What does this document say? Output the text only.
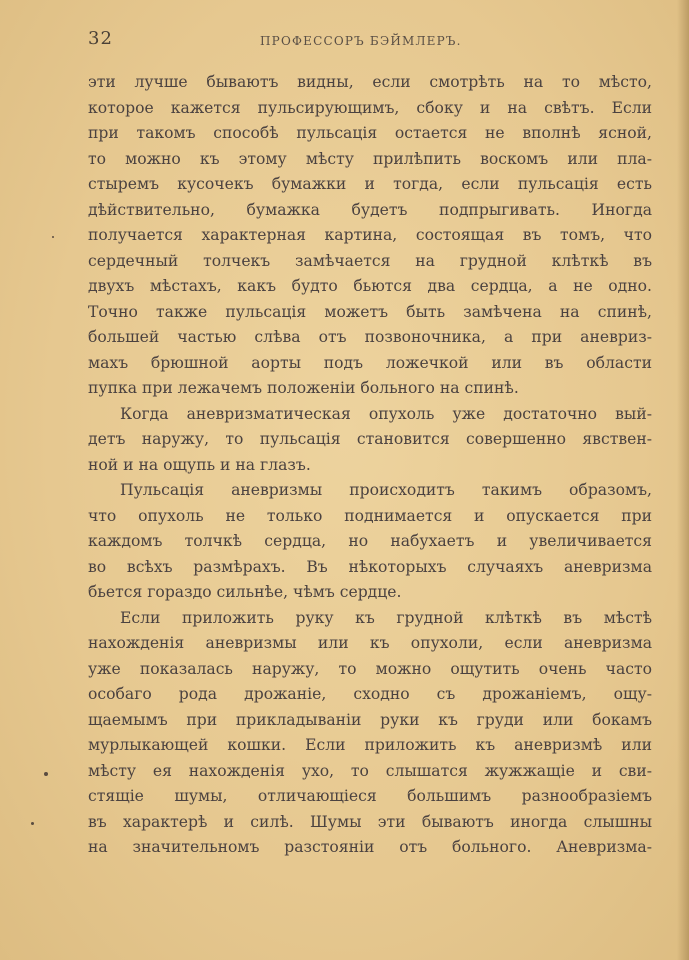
32	ПРОФЕССОРЪ БЭЙМЛЕРЪ.
эти лучше бываютъ видны, если смотрѣть на то мѣсто,
которое кажется пульсирующимъ, сбоку и на свѣтъ. Если
при такомъ способѣ пульсація остается не вполнѣ ясной,
то можно къ этому мѣсту прилѣпить воскомъ или пла-
стыремъ кусочекъ бумажки и тогда, если пульсація есть
дѣйствительно, бумажка будетъ подпрыгивать. Иногда
получается характерная картина, состоящая въ томъ, что
сердечный толчекъ замѣчается на грудной клѣткѣ въ
двухъ мѣстахъ, какъ будто бьются два сердца, а не одно.
Точно также пульсація можетъ быть замѣчена на спинѣ,
большей частью слѣва отъ позвоночника, а при аневриз-
махъ брюшной аорты подъ ложечкой или въ области
пупка при лежачемъ положеніи больного на спинѣ.
Когда аневризматическая опухоль уже достаточно вый-
детъ наружу, то пульсація становится совершенно явствен-
ной и на ощупь и на глазъ.
Пульсація аневризмы происходитъ такимъ образомъ,
что опухоль не только поднимается и опускается при
каждомъ толчкѣ сердца, но набухаетъ и увеличивается
во всѣхъ размѣрахъ. Въ нѣкоторыхъ случаяхъ аневризма
бьется гораздо сильнѣе, чѣмъ сердце.
Если приложить руку къ грудной клѣткѣ въ мѣстѣ
нахожденія аневризмы или къ опухоли, если аневризма
уже показалась наружу, то можно ощутить очень часто
особаго рода дрожаніе, сходно съ дрожаніемъ, ощу-
щаемымъ при прикладываніи руки къ груди или бокамъ
мурлыкающей кошки. Если приложить къ аневризмѣ или
мѣсту ея нахожденія ухо, то слышатся жужжащіе и сви-
стящіе шумы, отличающіеся большимъ разнообразіемъ
въ характерѣ и силѣ. Шумы эти бываютъ иногда слышны
на значительномъ разстояніи отъ больного. Аневризма-
